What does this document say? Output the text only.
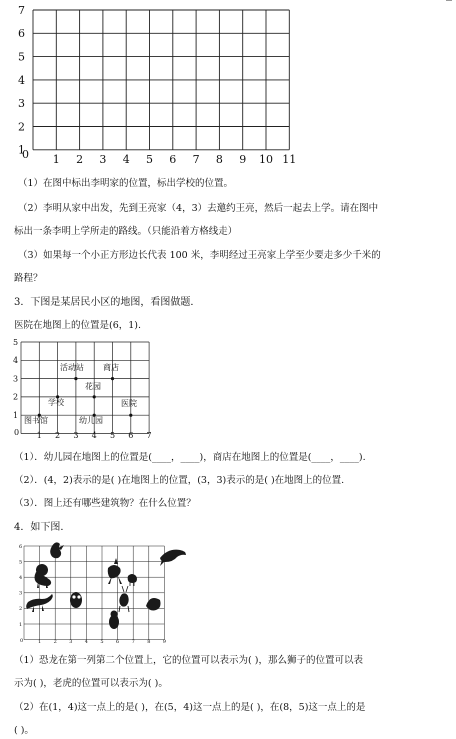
7
6
5
4
3
2
1
1 2 3 4 5 6 7 8 9 10 11
0
（1）在图中标出李明家的位置，标出学校的位置。
（2）李明从家中出发，先到王亮家（4，3）去邀约王亮，然后一起去上学。请在图中
标出一条李明上学所走的路线。（只能沿着方格线走）
（3）如果每一个小正方形边长代表 100 米，李明经过王亮家上学至少要走多少千米的
路程？
3．下图是某居民小区的地图，看图做题．
医院在地图上的位置是(6，1).
5
4
3
2
1
1 2 3 4 5 6 7
0
活动站 商店
花园
学校	医院
图书馆	幼儿园
（1）．幼儿园在地图上的位置是(____，____)，商店在地图上的位置是(____，____).
（2）．(4，2)表示的是( )在地图上的位置，(3，3)表示的是( )在地图上的位置.
（3）．图上还有哪些建筑物？在什么位置？
4．如下图．
6
5
4
3
2
1
1 2 3 4 5 6 7 8 9
0
（1）恐龙在第一列第二个位置上，它的位置可以表示为( )，那么狮子的位置可以表
示为( )，老虎的位置可以表示为( )。
（2）在(1，4)这一点上的是( )，在(5，4)这一点上的是( )，在(8，5)这一点上的是
( )。
